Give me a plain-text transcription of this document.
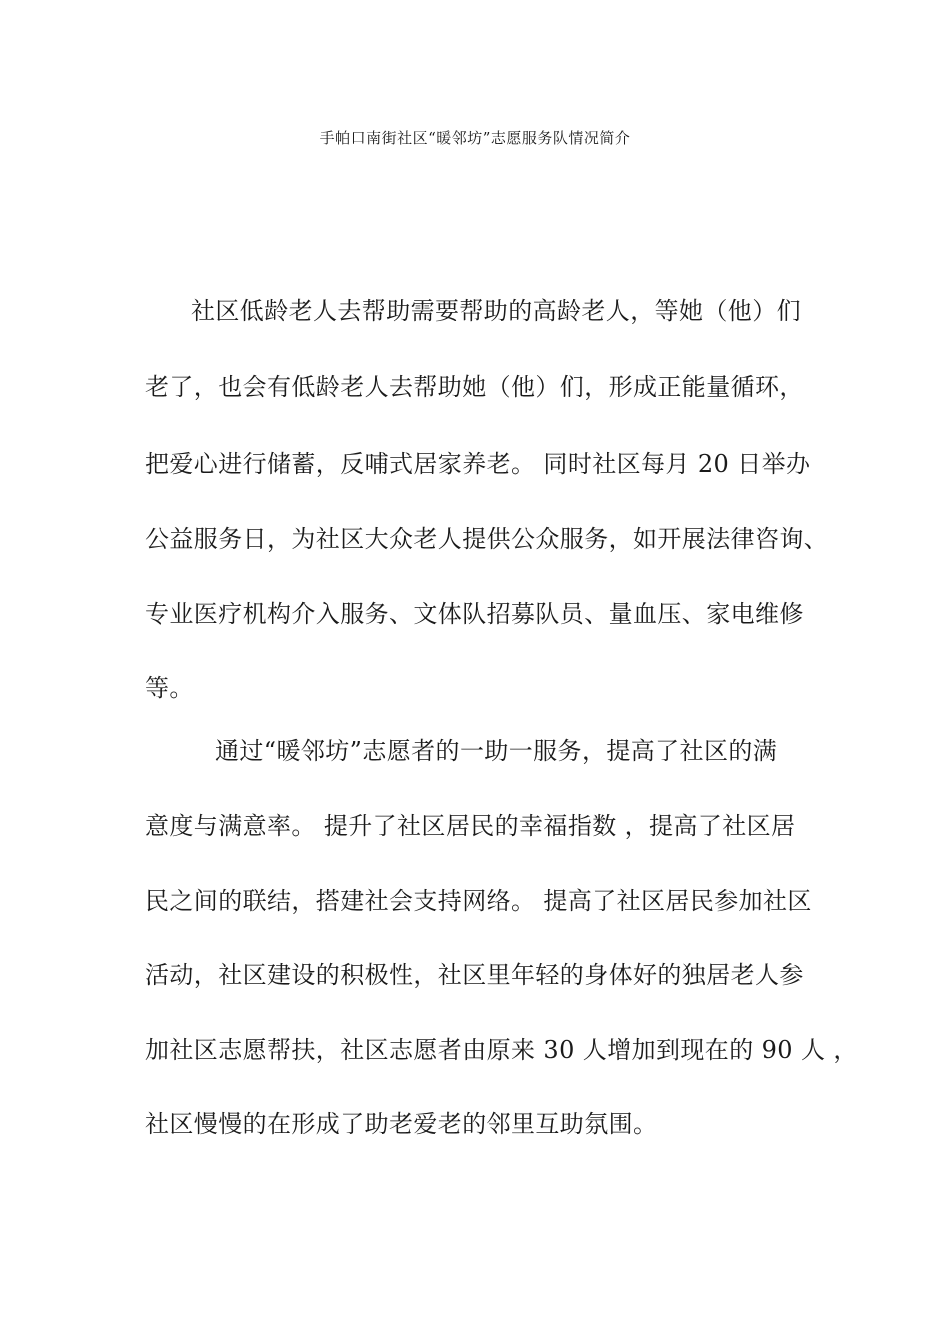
手帕口南街社区“暖邻坊”志愿服务队情况简介
社区低龄老人去帮助需要帮助的高龄老人，等她（他）们
老了，也会有低龄老人去帮助她（他）们，形成正能量循环，
把爱心进行储蓄，反哺式居家养老。 同时社区每月 20 日举办
公益服务日，为社区大众老人提供公众服务，如开展法律咨询、
专业医疗机构介入服务、文体队招募队员、量血压、家电维修
等。
通过“暖邻坊”志愿者的一助一服务，提高了社区的满
意度与满意率。 提升了社区居民的幸福指数 ，提高了社区居
民之间的联结，搭建社会支持网络。 提高了社区居民参加社区
活动，社区建设的积极性，社区里年轻的身体好的独居老人参
加社区志愿帮扶，社区志愿者由原来 30 人增加到现在的 90 人 ，
社区慢慢的在形成了助老爱老的邻里互助氛围。
